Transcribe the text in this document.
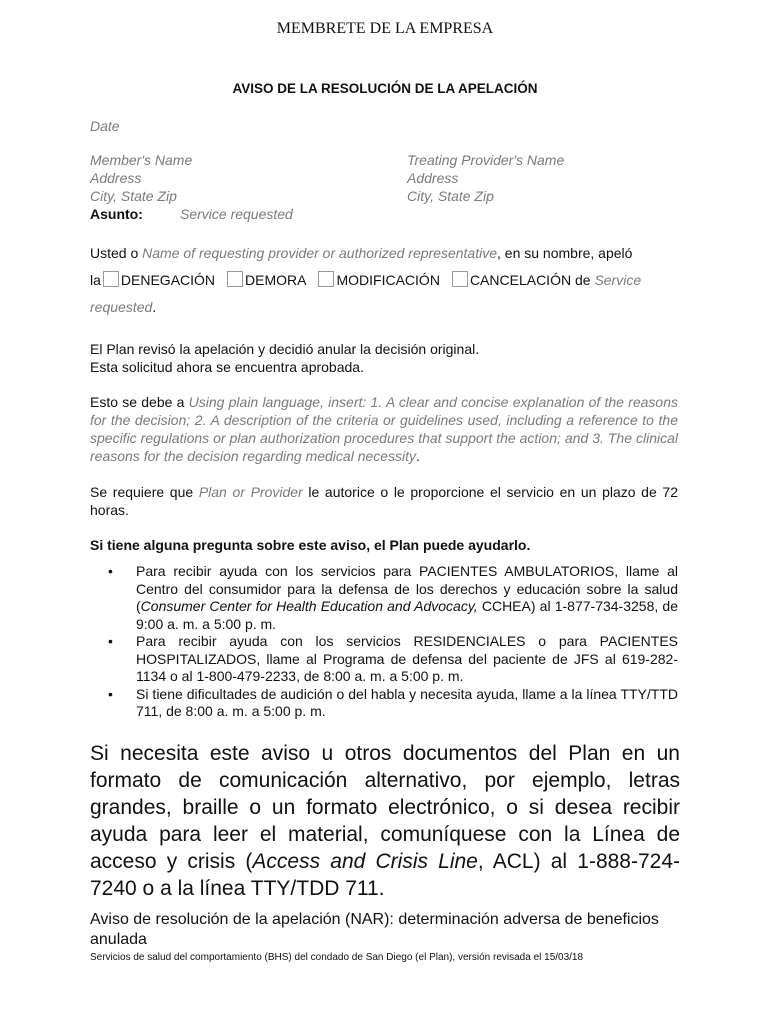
MEMBRETE DE LA EMPRESA
AVISO DE LA RESOLUCIÓN DE LA APELACIÓN
Date
Member's Name
Address
City, State Zip
Asunto:	Service requested
Treating Provider's Name
Address
City, State Zip
Usted o Name of requesting provider or authorized representative, en su nombre, apeló
la DENEGACIÓN DEMORA MODIFICACIÓN CANCELACIÓN de Service
requested.
El Plan revisó la apelación y decidió anular la decisión original.
Esta solicitud ahora se encuentra aprobada.
Esto se debe a Using plain language, insert: 1. A clear and concise explanation of the reasons for the decision; 2. A description of the criteria or guidelines used, including a reference to the specific regulations or plan authorization procedures that support the action; and 3. The clinical reasons for the decision regarding medical necessity.
Se requiere que Plan or Provider le autorice o le proporcione el servicio en un plazo de 72 horas.
Si tiene alguna pregunta sobre este aviso, el Plan puede ayudarlo.
• Para recibir ayuda con los servicios para PACIENTES AMBULATORIOS, llame al Centro del consumidor para la defensa de los derechos y educación sobre la salud (Consumer Center for Health Education and Advocacy, CCHEA) al 1-877-734-3258, de 9:00 a. m. a 5:00 p. m.
• Para recibir ayuda con los servicios RESIDENCIALES o para PACIENTES HOSPITALIZADOS, llame al Programa de defensa del paciente de JFS al 619-282-1134 o al 1-800-479-2233, de 8:00 a. m. a 5:00 p. m.
• Si tiene dificultades de audición o del habla y necesita ayuda, llame a la línea TTY/TTD 711, de 8:00 a. m. a 5:00 p. m.
Si necesita este aviso u otros documentos del Plan en un formato de comunicación alternativo, por ejemplo, letras grandes, braille o un formato electrónico, o si desea recibir ayuda para leer el material, comuníquese con la Línea de acceso y crisis (Access and Crisis Line, ACL) al 1-888-724-7240 o a la línea TTY/TDD 711.
Aviso de resolución de la apelación (NAR): determinación adversa de beneficios anulada
Servicios de salud del comportamiento (BHS) del condado de San Diego (el Plan), versión revisada el 15/03/18
